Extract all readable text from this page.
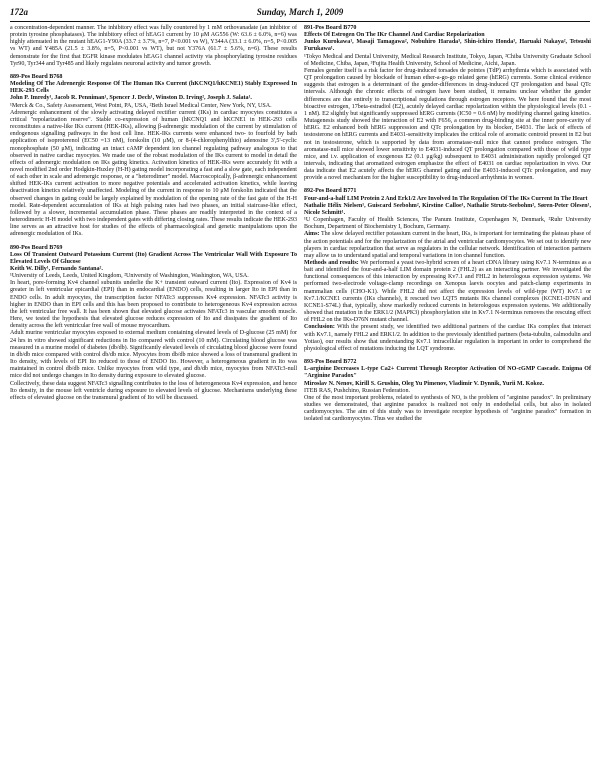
172a	Sunday, March 1, 2009

a concentration-dependent manner. The inhibitory effect was fully countered by 1 mM orthovanadate (an inhibitor of protein tyrosine phosphatases). The inhibitory effect of hEAG1 current by 10 μM AG556 (W: 63.6 ± 6.0%, n=6) was highly attenuated in the mutant hEAG1-Y90A (33.7 ± 3.7%, n=7, P<0.001 vs W), Y344A (33.1 ± 6.0%, n=5, P<0.005 vs WT) and Y485A (21.5 ± 3.8%, n=5, P<0.001 vs WT), but not Y376A (61.7 ± 5.6%, n=6). These results demonstrate for the first that EGFR kinase modulates hEAG1 channel activity via phosphorylating tyrosine residues Tyr90, Tyr344 and Tyr485 and likely regulates neuronal activity and tumor growth.

889-Pos Board B768

Modeling Of The Adrenergic Response Of The Human IKs Current (hKCNQ1/hKCNE1) Stably Expressed In HEK-293 Cells

John P. Imredy¹, Jacob R. Penniman¹, Spencer J. Dech¹, Winston D. Irving², Joseph J. Salata¹.

¹Merck & Co., Safety Assessment, West Point, PA, USA, ²Beth Israel Medical Center, New York, NY, USA.

Adrenergic enhancement of the slowly activating delayed rectifier current (IKs) in cardiac myocytes constitutes a critical "repolarization reserve". Stable co-expression of human (hKCNQ1 and hKCNE1 in HEK-293 cells reconstitutes a native-like IKs current (HEK-IKs), allowing β-adrenergic modulation of the current by stimulation of endogenous signalling pathways in the host cell line. HEK-IKs currents were enhanced two- to fourfold by bath application of isoproterenol (EC50 =13 nM), forskolin (10 μM), or 8-(4-chlorophenylthio) adenosine 3',5'-cyclic monophosphate (50 μM), indicating an intact cAMP dependent ion channel regulating pathway analogous to that observed in native cardiac myocytes. We made use of the robust modulation of the IKs current to model in detail the effects of adrenergic modulation on IKs gating kinetics. Activation kinetics of HEK-IKs were accurately fit with a novel modified 2nd order Hodgkin-Huxley (H-H) gating model incorporating a fast and a slow gate, each independent of each other in scale and adrenergic response, or a "heterodimer" model. Macroscopically, β-adrenergic enhancement shifted HEK-IKs current activation to more negative potentials and accelerated activation kinetics, while leaving deactivation kinetics relatively unaffected. Modeling of the current in response to 10 μM forskolin indicated that the observed changes in gating could be largely explained by modulation of the opening rate of the fast gate of the H-H model. Rate-dependent accumulation of IKs at high pulsing rates had two phases, an initial staircase-like effect, followed by a slower, incremental accumulation phase. These phases are readily interpreted in the context of a heterodimeric H-H model with two independent gates with differing closing rates. These results indicate the HEK-293 line serves as an attractive host for studies of the effects of pharmacological and genetic manipulations upon the adrenergic modulation of IKs.

890-Pos Board B769

Loss Of Transient Outward Potassium Current (Ito) Gradient Across The Ventricular Wall With Exposure To Elevated Levels Of Glucose

Keith W. Dilly¹, Fernando Santana².

¹University of Leeds, Leeds, United Kingdom, ²University of Washington, Washington, WA, USA.

In heart, pore-forming Kv4 channel subunits underlie the K+ transient outward current (Ito). Expression of Kv4 is greater in left ventricular epicardial (EPI) than in endocardial (ENDO) cells, resulting in larger Ito in EPI than in ENDO cells. In adult myocytes, the transcription factor NFATc3 suppresses Kv4 expression. NFATc3 activity is higher in ENDO than in EPI cells and this has been proposed to contribute to heterogeneous Kv4 expression across the left ventricular free wall. It has been shown that elevated glucose activates NFATc3 in vascular smooth muscle. Here, we tested the hypothesis that elevated glucose reduces expression of Ito and dissipates the gradient of Ito density across the left ventricular free wall of mouse myocardium.

Adult murine ventricular myocytes exposed to external medium containing elevated levels of D-glucose (25 mM) for 24 hrs in vitro showed significant reductions in Ito compared with control (10 mM). Circulating blood glucose was measured in a murine model of diabetes (db/db). Significantly elevated levels of circulating blood glucose were found in db/db mice compared with control db/db mice. Myocytes from db/db mice showed a loss of transmural gradient in Ito density, with levels of EPI Ito reduced to those of ENDO Ito. However, a heterogeneous gradient in Ito was maintained in control db/db mice. Unlike myocytes from wild type, and db/db mice, myocytes from NFATc3-null mice did not undergo changes in Ito density during exposure to elevated glucose.

Collectively, these data suggest NFATc3 signalling contributes to the loss of heterogeneous Kv4 expression, and hence Ito density, in the mouse left ventricle during exposure to elevated levels of glucose. Mechanisms underlying these effects of elevated glucose on the transmural gradient of Ito will be discussed.

891-Pos Board B770

Effects Of Estrogen On The IKr Channel And Cardiac Repolarization

Junko Kurokawa¹, Masaji Tamagawa², Nobuhiro Harada³, Shin-ichiro Honda³, Haruaki Nakaya², Tetsushi Furukawa¹.

¹Tokyo Medical and Dental University, Medical Research Institute, Tokyo, Japan, ²Chiba University Graduate School of Medicine, Chiba, Japan, ³Fujita Health University, School of Medicine, Aichi, Japan.

Females gender itself is a risk factor for drug-induced torsades de pointes (TdP) arrhythmia which is associated with QT prolongation caused by blockade of human ether-a-go-go related gene (hERG) currents. Some clinical evidence suggests that estrogen is a determinant of the gender-differences in drug-induced QT prolongation and basal QTc intervals. Although the chronic effects of estrogen have been studied, it remains unclear whether the gender differences are due entirely to transcriptional regulations through estrogen receptors. We here found that the most bioactive estrogen, 17beta-estradiol (E2), acutely delayed cardiac repolarization within the physiological levels (0.1 - 1 nM). E2 slightly but significantly suppressed hERG currents (IC50 = 0.6 nM) by modifying channel gating kinetics. Mutagenesis study showed the interaction of E2 with F656, a common drug-binding site at the inner pore-cavity of hERG. E2 enhanced both hERG suppression and QTc prolongation by its blocker, E4031. The lack of effects of testosterone on hERG currents and E4031-sensitivity implicates the critical role of aromatic centroid present in E2 but not in testosterone, which is supported by data from aromatase-null mice that cannot produce estrogen. The aromatase-null mice showed lower sensitivity to E4031-induced QT prolongation compared with those of wild type mice, and i.v. application of exogenous E2 (0.1 μg/kg) subsequent to E4031 administration rapidly prolonged QT intervals, indicating that aromatized estrogen emphasize the effect of E4031 on cardiac repolarization in vivo. Our data indicate that E2 acutely affects the hERG channel gating and the E4031-induced QTc prolongation, and may provide a novel mechanism for the higher susceptibility to drug-induced arrhythmia in women.

892-Pos Board B771

Four-and-a-half LIM Protein 2 And Erk1/2 Are Involved In The Regulation Of The IKs Current In The Heart

Nathalie Hélix Nielsen¹, Guiscard Seebohm², Kirstine Calloe¹, Nathalie Strutz-Seebohm², Søren-Peter Olesen¹, Nicole Schmitt¹.

¹U Copenhagen, Faculty of Health Sciences, The Panum Institute, Copenhagen N, Denmark, ²Ruhr University Bochum, Department of Biochemistry I, Bochum, Germany.

Aims: The slow delayed rectifier potassium current in the heart, IKs, is important for terminating the plateau phase of the action potentials and for the repolarization of the atrial and ventricular cardiomyocytes. We set out to identify new players in cardiac repolarization that serve as regulators in the cellular network. Identification of interaction partners may allow us to understand spatial and temporal variations in ion channel function.

Methods and results: We performed a yeast two-hybrid screen of a heart cDNA library using Kv7.1 N-terminus as a bait and identified the four-and-a-half LIM domain protein 2 (FHL2) as an interacting partner. We investigated the functional consequences of this interaction by expressing Kv7.1 and FHL2 in heterologous expression systems. We performed two-electrode voltage-clamp recordings on Xenopus laevis oocytes and patch-clamp experiments in mammalian cells (CHO-K1). While FHL2 did not affect the expression levels of wild-type (WT) Kv7.1 or Kv7.1/KCNE1 currents (IKs channels), it rescued two LQT5 mutants IKs channel complexes (KCNE1-D76N and KCNE1-S74L) that, typically, show markedly reduced currents in heterologous expression systems. We additionally showed that mutation in the ERK1/2 (MAPK3) phosphorylation site in Kv7.1 N-terminus removes the rescuing effect of FHL2 on the IKs-D76N mutant channel.

Conclusion: With the present study, we identified two additional partners of the cardiac IKs complex that interact with Kv7.1, namely FHL2 and ERK1/2. In addition to the previously identified partners (beta-tubulin, calmodulin and Yotiao), our results show that understanding Kv7.1 intracellular regulation is important in order to comprehend the physiological effect of mutations inducing the LQT syndrome.

893-Pos Board B772

L-arginine Decreases L-type Ca2+ Current Through Receptor Activation Of NO-cGMP Cascade. Enigma Of "Arginine Paradox"

Miroslav N. Nenov, Kirill S. Grushin, Oleg Yu Pimenov, Vladimir V. Dynnik, Yurii M. Kokoz.

ITEB RAS, Pushchino, Russian Federation.

One of the most important problems, related to synthesis of NO, is the problem of "arginine paradox". In preliminary studies we demonstrated, that arginine paradox is realized not only in endothelial cells, but also in isolated cardiomyocytes. The aim of this study was to investigate receptor hypothesis of "arginine paradox" formation in isolated rat cardiomyocytes. Thus we studied the
